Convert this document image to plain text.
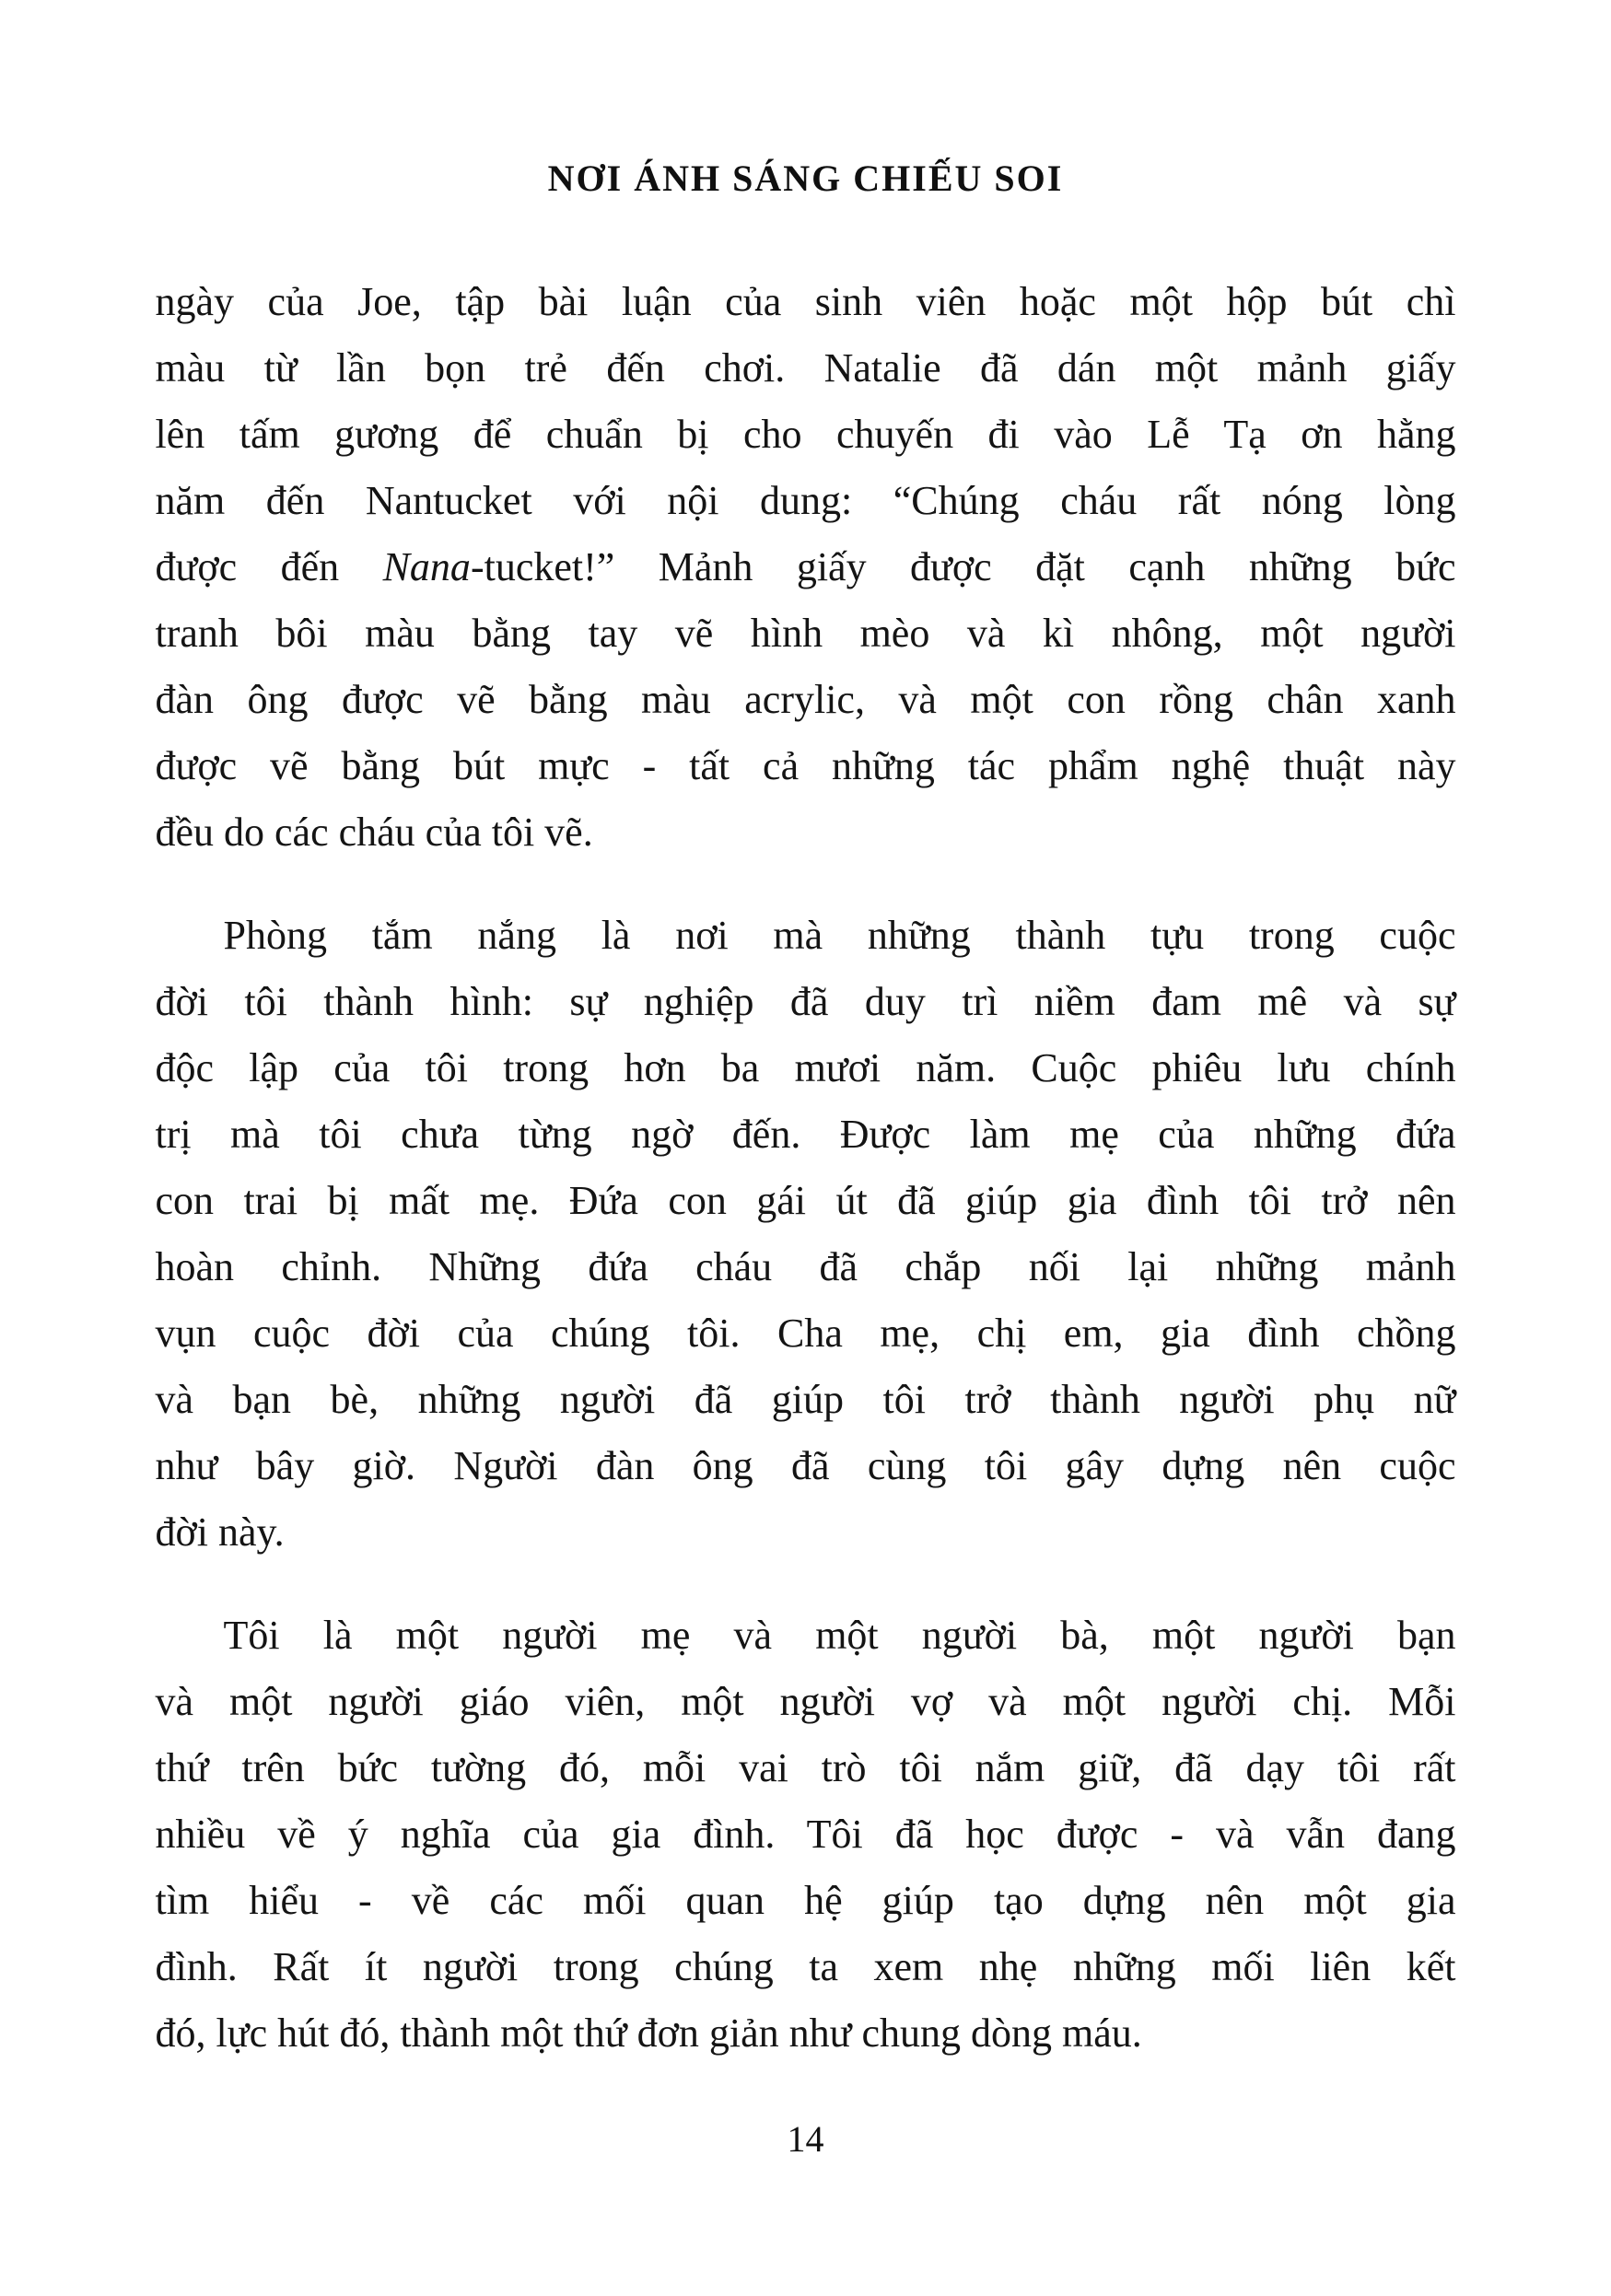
NƠI ÁNH SÁNG CHIẾU SOI
ngày của Joe, tập bài luận của sinh viên hoặc một hộp bút chì
màu từ lần bọn trẻ đến chơi. Natalie đã dán một mảnh giấy
lên tấm gương để chuẩn bị cho chuyến đi vào Lễ Tạ ơn hằng
năm đến Nantucket với nội dung: “Chúng cháu rất nóng lòng
được đến Nana-tucket!” Mảnh giấy được đặt cạnh những bức
tranh bôi màu bằng tay vẽ hình mèo và kì nhông, một người
đàn ông được vẽ bằng màu acrylic, và một con rồng chân xanh
được vẽ bằng bút mực - tất cả những tác phẩm nghệ thuật này
đều do các cháu của tôi vẽ.
Phòng tắm nắng là nơi mà những thành tựu trong cuộc
đời tôi thành hình: sự nghiệp đã duy trì niềm đam mê và sự
độc lập của tôi trong hơn ba mươi năm. Cuộc phiêu lưu chính
trị mà tôi chưa từng ngờ đến. Được làm mẹ của những đứa
con trai bị mất mẹ. Đứa con gái út đã giúp gia đình tôi trở nên
hoàn chỉnh. Những đứa cháu đã chắp nối lại những mảnh
vụn cuộc đời của chúng tôi. Cha mẹ, chị em, gia đình chồng
và bạn bè, những người đã giúp tôi trở thành người phụ nữ
như bây giờ. Người đàn ông đã cùng tôi gây dựng nên cuộc
đời này.
Tôi là một người mẹ và một người bà, một người bạn
và một người giáo viên, một người vợ và một người chị. Mỗi
thứ trên bức tường đó, mỗi vai trò tôi nắm giữ, đã dạy tôi rất
nhiều về ý nghĩa của gia đình. Tôi đã học được - và vẫn đang
tìm hiểu - về các mối quan hệ giúp tạo dựng nên một gia
đình. Rất ít người trong chúng ta xem nhẹ những mối liên kết
đó, lực hút đó, thành một thứ đơn giản như chung dòng máu.
14
